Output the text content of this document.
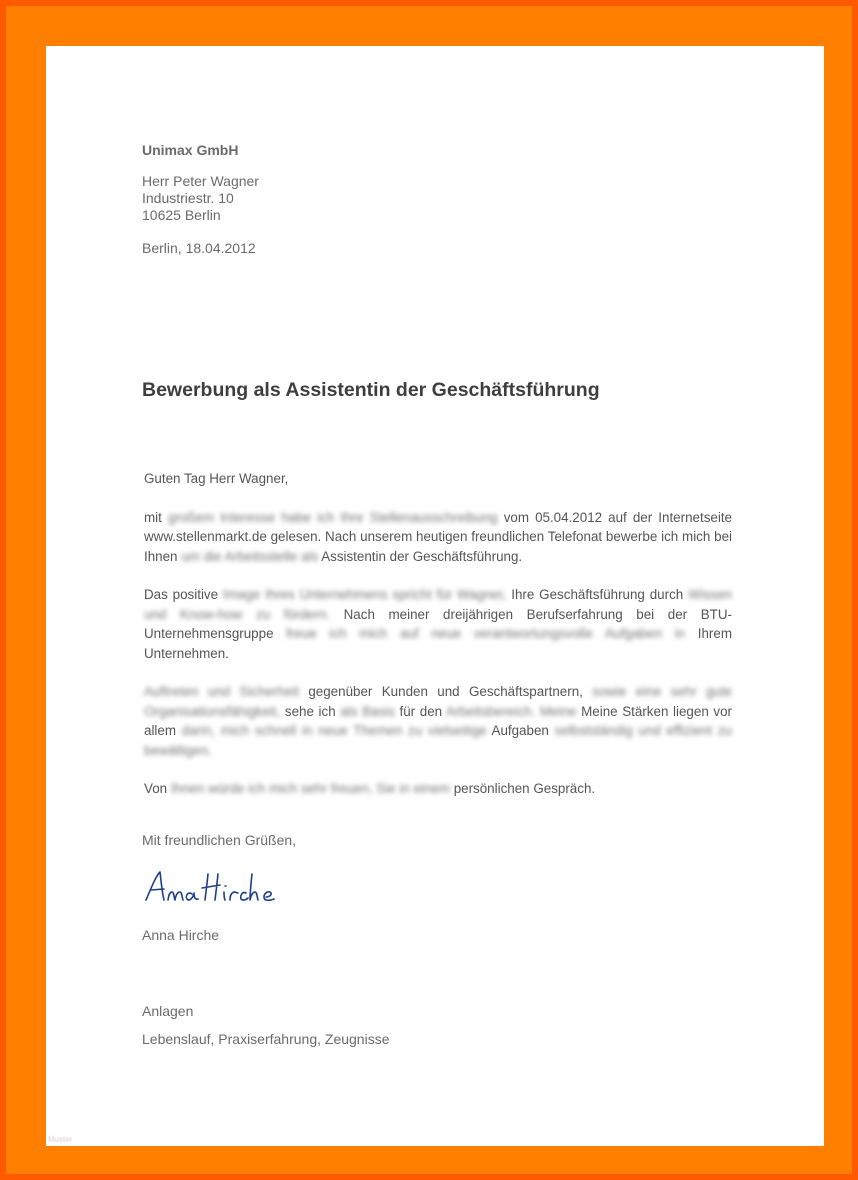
Unimax GmbH
Herr Peter Wagner
Industriestr. 10
10625 Berlin
Berlin, 18.04.2012
Bewerbung als Assistentin der Geschäftsführung

Guten Tag Herr Wagner,

mit großem Interesse habe ich Ihre Stellenausschreibung vom 05.04.2012 auf der Internetseite www.stellenmarkt.de gelesen. Nach unserem heutigen freundlichen Telefonat bewerbe ich mich bei Ihnen um die Arbeitsstelle als Assistentin der Geschäftsführung.

Das positive Image Ihres Unternehmens spricht für Wagner, Ihre Geschäftsführung durch Wissen und Know-how zu fördern. Nach meiner dreijährigen Berufserfahrung bei der BTU-Unternehmensgruppe freue ich mich auf neue verantwortungsvolle Aufgaben in Ihrem Unternehmen.

Auftreten und Sicherheit gegenüber Kunden und Geschäftspartnern, sowie eine sehr gute Organisationsfähigkeit, sehe ich als Basis für den Arbeitsbereich. Meine Meine Stärken liegen vor allem darin, mich schnell in neue Themen zu vielseitige Aufgaben selbstständig und effizient zu bewältigen.

Von Ihnen würde ich mich sehr freuen, Sie in einem persönlichen Gespräch.

Mit freundlichen Grüßen,
Anna Hirche
Anlagen
Lebenslauf, Praxiserfahrung, Zeugnisse
Muster
